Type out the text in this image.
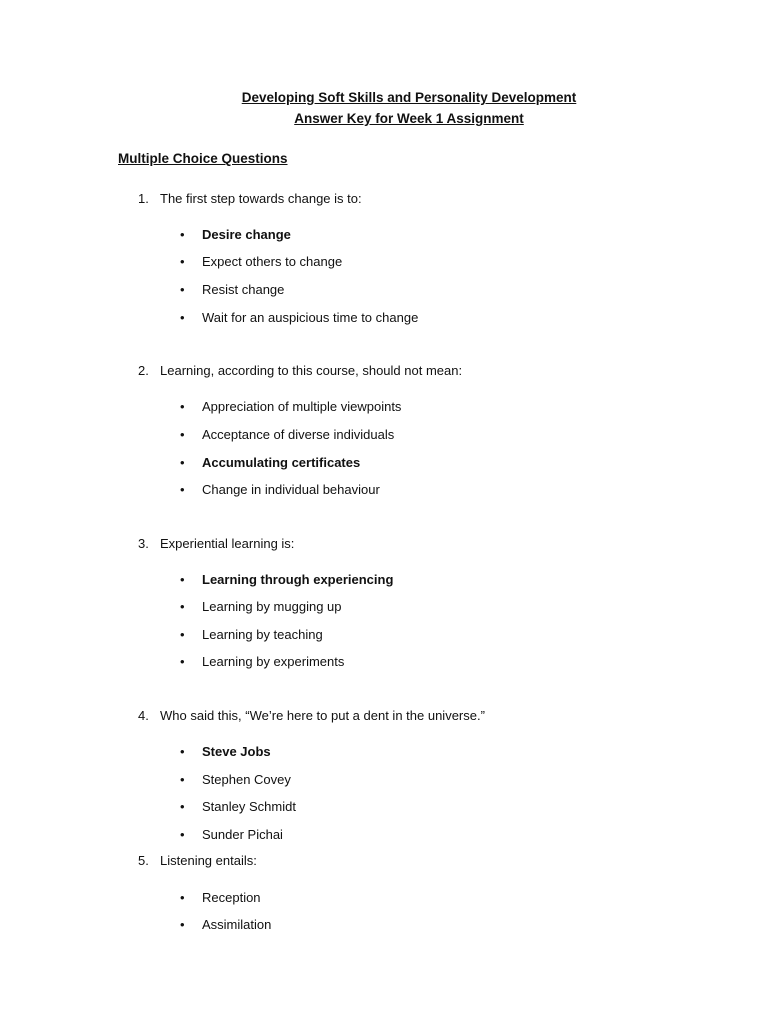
Developing Soft Skills and Personality Development
Answer Key for Week 1 Assignment
Multiple Choice Questions
1. The first step towards change is to:
• Desire change
• Expect others to change
• Resist change
• Wait for an auspicious time to change
2. Learning, according to this course, should not mean:
• Appreciation of multiple viewpoints
• Acceptance of diverse individuals
• Accumulating certificates
• Change in individual behaviour
3. Experiential learning is:
• Learning through experiencing
• Learning by mugging up
• Learning by teaching
• Learning by experiments
4. Who said this, “We’re here to put a dent in the universe.”
• Steve Jobs
• Stephen Covey
• Stanley Schmidt
• Sunder Pichai
5. Listening entails:
• Reception
• Assimilation
